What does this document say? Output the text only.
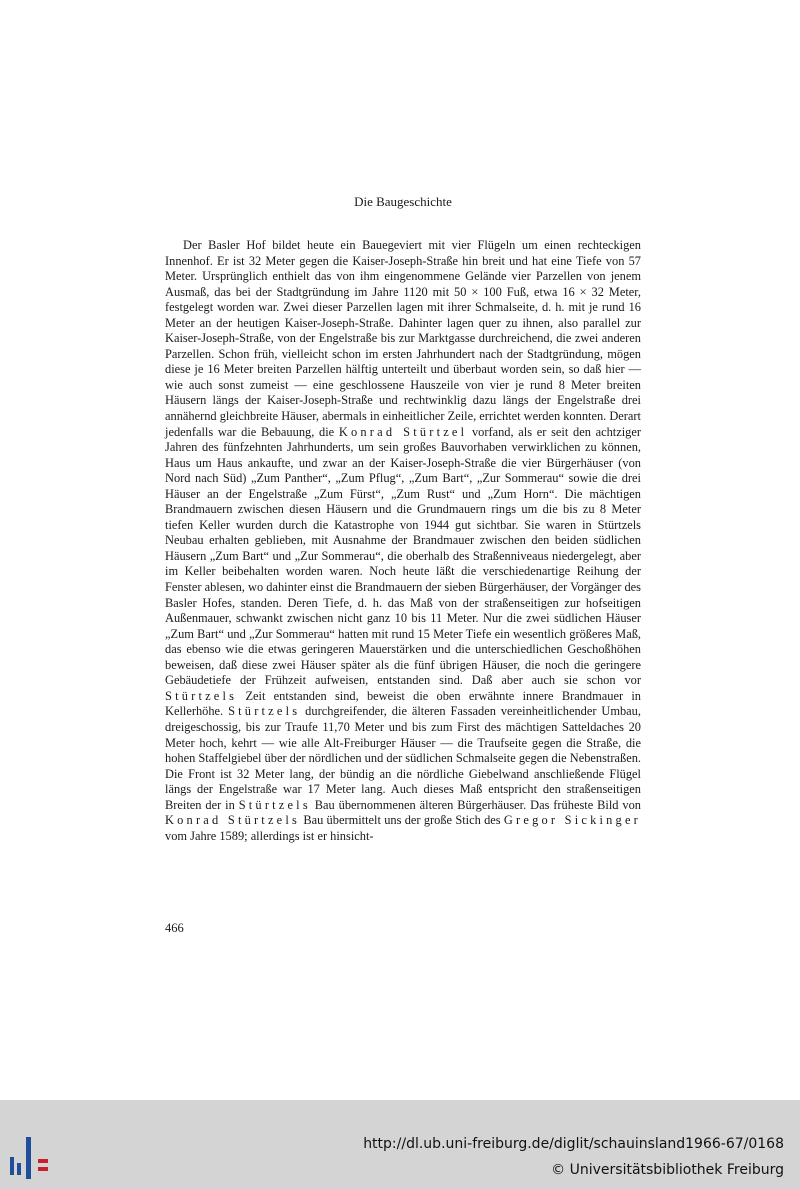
Die Baugeschichte

Der Basler Hof bildet heute ein Bauegeviert mit vier Flügeln um einen rechteckigen Innenhof. Er ist 32 Meter gegen die Kaiser-Joseph-Straße hin breit und hat eine Tiefe von 57 Meter. Ursprünglich enthielt das von ihm eingenommene Gelände vier Parzellen von jenem Ausmaß, das bei der Stadtgründung im Jahre 1120 mit 50 × 100 Fuß, etwa 16 × 32 Meter, festgelegt worden war. Zwei dieser Parzellen lagen mit ihrer Schmalseite, d. h. mit je rund 16 Meter an der heutigen Kaiser-Joseph-Straße. Dahinter lagen quer zu ihnen, also parallel zur Kaiser-Joseph-Straße, von der Engelstraße bis zur Marktgasse durchreichend, die zwei anderen Parzellen. Schon früh, vielleicht schon im ersten Jahrhundert nach der Stadtgründung, mögen diese je 16 Meter breiten Parzellen hälftig unterteilt und überbaut worden sein, so daß hier — wie auch sonst zumeist — eine geschlossene Hauszeile von vier je rund 8 Meter breiten Häusern längs der Kaiser-Joseph-Straße und rechtwinklig dazu längs der Engelstraße drei annähernd gleichbreite Häuser, abermals in einheitlicher Zeile, errichtet werden konnten. Derart jedenfalls war die Bebauung, die Konrad Stürtzel vorfand, als er seit den achtziger Jahren des fünfzehnten Jahrhunderts, um sein großes Bauvorhaben verwirklichen zu können, Haus um Haus ankaufte, und zwar an der Kaiser-Joseph-Straße die vier Bürgerhäuser (von Nord nach Süd) „Zum Panther“, „Zum Pflug“, „Zum Bart“, „Zur Sommerau“ sowie die drei Häuser an der Engelstraße „Zum Fürst“, „Zum Rust“ und „Zum Horn“. Die mächtigen Brandmauern zwischen diesen Häusern und die Grundmauern rings um die bis zu 8 Meter tiefen Keller wurden durch die Katastrophe von 1944 gut sichtbar. Sie waren in Stürtzels Neubau erhalten geblieben, mit Ausnahme der Brandmauer zwischen den beiden südlichen Häusern „Zum Bart“ und „Zur Sommerau“, die oberhalb des Straßenniveaus niedergelegt, aber im Keller beibehalten worden waren. Noch heute läßt die verschiedenartige Reihung der Fenster ablesen, wo dahinter einst die Brandmauern der sieben Bürgerhäuser, der Vorgänger des Basler Hofes, standen. Deren Tiefe, d. h. das Maß von der straßenseitigen zur hofseitigen Außenmauer, schwankt zwischen nicht ganz 10 bis 11 Meter. Nur die zwei südlichen Häuser „Zum Bart“ und „Zur Sommerau“ hatten mit rund 15 Meter Tiefe ein wesentlich größeres Maß, das ebenso wie die etwas geringeren Mauerstärken und die unterschiedlichen Geschoßhöhen beweisen, daß diese zwei Häuser später als die fünf übrigen Häuser, die noch die geringere Gebäudetiefe der Frühzeit aufweisen, entstanden sind. Daß aber auch sie schon vor Stürtzels Zeit entstanden sind, beweist die oben erwähnte innere Brandmauer in Kellerhöhe. Stürtzels durchgreifender, die älteren Fassaden vereinheitlichender Umbau, dreigeschossig, bis zur Traufe 11,70 Meter und bis zum First des mächtigen Satteldaches 20 Meter hoch, kehrt — wie alle Alt-Freiburger Häuser — die Traufseite gegen die Straße, die hohen Staffelgiebel über der nördlichen und der südlichen Schmalseite gegen die Nebenstraßen. Die Front ist 32 Meter lang, der bündig an die nördliche Giebelwand anschließende Flügel längs der Engelstraße war 17 Meter lang. Auch dieses Maß entspricht den straßenseitigen Breiten der in Stürtzels Bau übernommenen älteren Bürgerhäuser. Das früheste Bild von Konrad Stürtzels Bau übermittelt uns der große Stich des Gregor Sickinger vom Jahre 1589; allerdings ist er hinsicht-

466
http://dl.ub.uni-freiburg.de/diglit/schauinsland1966-67/0168
© Universitätsbibliothek Freiburg
